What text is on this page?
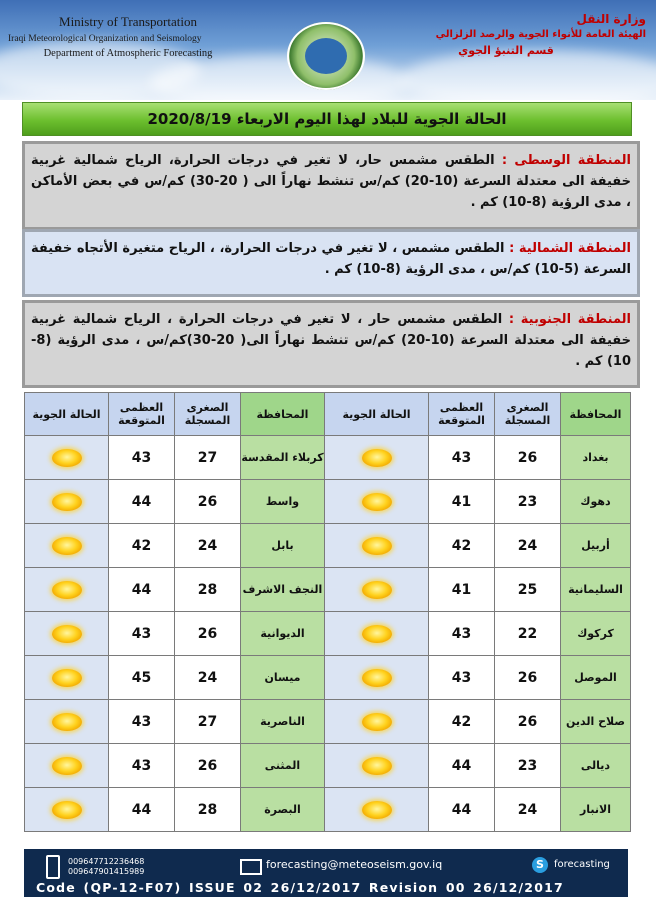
Ministry of Transportation
Iraqi Meteorological Organization and Seismology
Department of Atmospheric Forecasting
وزارة النقل
الهيئة العامة للأنواء الجوية والرصد الزلزالي
قسم التنبؤ الجوي
الحالة الجوية للبلاد لهذا اليوم الاربعاء 2020/8/19
المنطقة الوسطى : الطقس مشمس حار، لا تغير في درجات الحرارة، الرياح شمالية غربية خفيفة الى معتدلة السرعة (10-20) كم/س تنشط نهاراً الى ( 20-30) كم/س في بعض الأماكن ، مدى الرؤية (8-10) كم .
المنطقة الشمالية : الطقس مشمس ، لا تغير في درجات الحرارة، ، الرياح متغيرة الأتجاه خفيفة السرعة (5-10) كم/س ، مدى الرؤية (8-10) كم .
المنطقة الجنوبية : الطقس مشمس حار ، لا تغير في درجات الحرارة ، الرياح شمالية غربية خفيفة الى معتدلة السرعة (10-20) كم/س تنشط نهاراً الى( 20-30)كم/س ، مدى الرؤية (8-10) كم .
المحافظة	الصغرى المسجلة	العظمى المتوقعة	الحالة الجوية	المحافظة	الصغرى المسجلة	العظمى المتوقعة	الحالة الجوية
بغداد	26	43		كربلاء المقدسة	27	43	
دهوك	23	41		واسط	26	44	
أربيل	24	42		بابل	24	42	
السليمانية	25	41		النجف الاشرف	28	44	
كركوك	22	43		الديوانية	26	43	
الموصل	26	43		ميسان	24	45	
صلاح الدين	26	42		الناصرية	27	43	
ديالى	23	44		المثنى	26	43	
الانبار	24	44		البصرة	28	44	
009647712236468
009647901415989
forecasting@meteoseism.gov.iq	S	forecasting
Code (QP-12-F07) ISSUE 02 26/12/2017 Revision 00 26/12/2017
